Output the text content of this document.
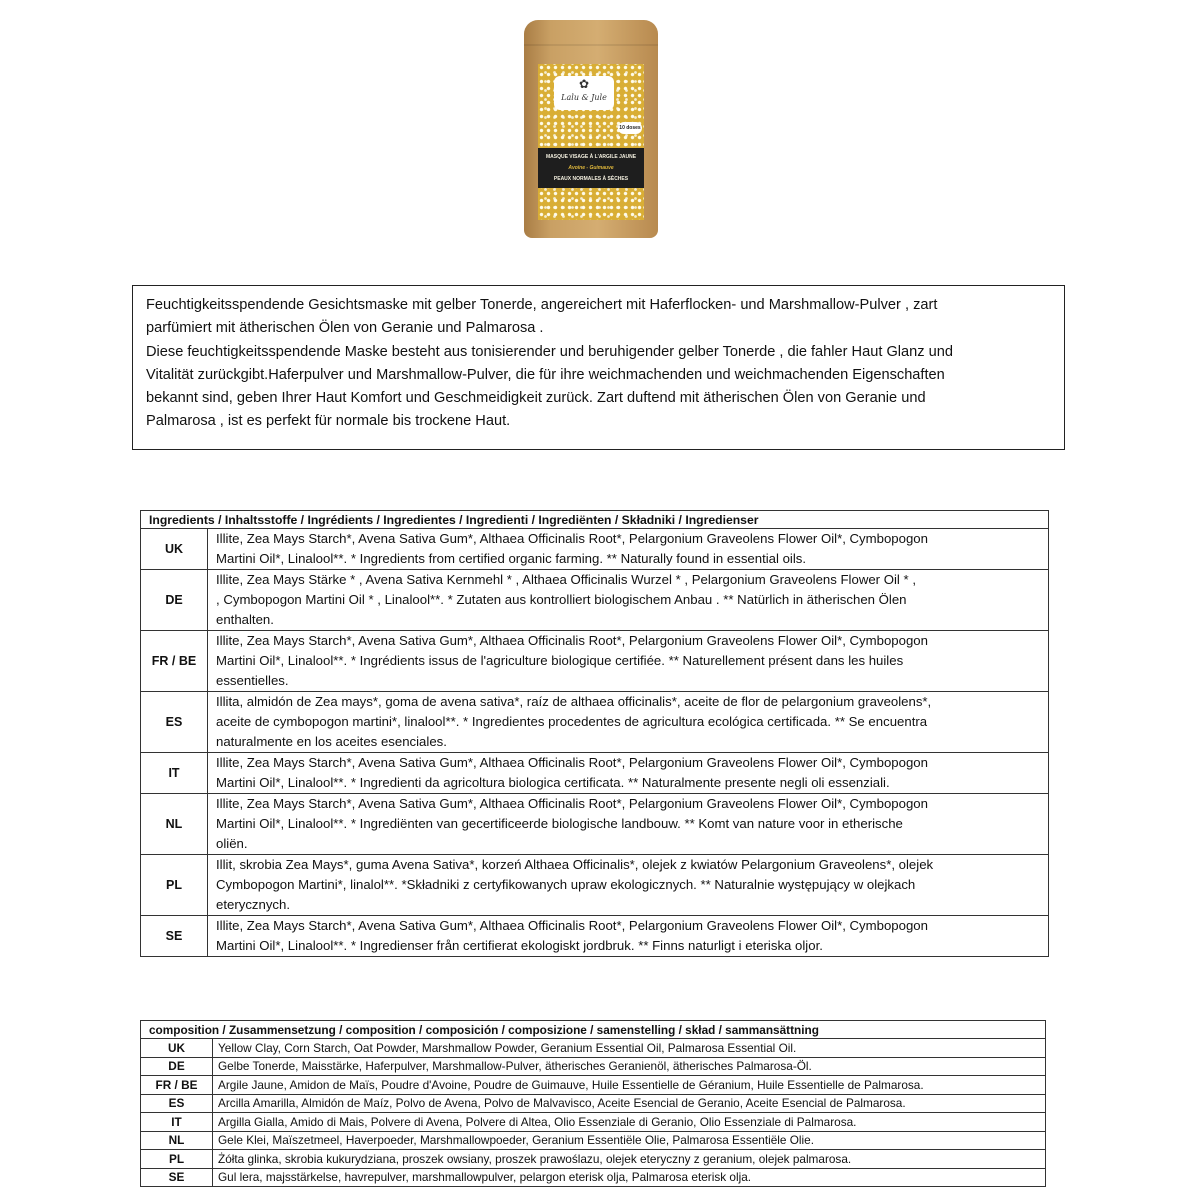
✿
Lalu & Jule
10 doses
MASQUE VISAGE À L'ARGILE JAUNE
Avoine - Guimauve
PEAUX NORMALES À SÈCHES
Feuchtigkeitsspendende Gesichtsmaske mit gelber Tonerde, angereichert mit Haferflocken- und Marshmallow-Pulver , zart
parfümiert mit ätherischen Ölen von Geranie und Palmarosa .
Diese feuchtigkeitsspendende Maske besteht aus tonisierender und beruhigender gelber Tonerde , die fahler Haut Glanz und
Vitalität zurückgibt.Haferpulver und Marshmallow-Pulver, die für ihre weichmachenden und weichmachenden Eigenschaften
bekannt sind, geben Ihrer Haut Komfort und Geschmeidigkeit zurück. Zart duftend mit ätherischen Ölen von Geranie und
Palmarosa , ist es perfekt für normale bis trockene Haut.
Ingredients / Inhaltsstoffe / Ingrédients / Ingredientes / Ingredienti / Ingrediënten / Składniki / Ingredienser	
UK	Illite, Zea Mays Starch*, Avena Sativa Gum*, Althaea Officinalis Root*, Pelargonium Graveolens Flower Oil*, Cymbopogon
Martini Oil*, Linalool**. * Ingredients from certified organic farming. ** Naturally found in essential oils.

DE	Illite, Zea Mays Stärke * , Avena Sativa Kernmehl * , Althaea Officinalis Wurzel * , Pelargonium Graveolens Flower Oil * ,
, Cymbopogon Martini Oil * , Linalool**. * Zutaten aus kontrolliert biologischem Anbau . ** Natürlich in ätherischen Ölen
enthalten.

FR / BE	Illite, Zea Mays Starch*, Avena Sativa Gum*, Althaea Officinalis Root*, Pelargonium Graveolens Flower Oil*, Cymbopogon
Martini Oil*, Linalool**. * Ingrédients issus de l'agriculture biologique certifiée. ** Naturellement présent dans les huiles
essentielles.

ES	Illita, almidón de Zea mays*, goma de avena sativa*, raíz de althaea officinalis*, aceite de flor de pelargonium graveolens*,
aceite de cymbopogon martini*, linalool**. * Ingredientes procedentes de agricultura ecológica certificada. ** Se encuentra
naturalmente en los aceites esenciales.

IT	Illite, Zea Mays Starch*, Avena Sativa Gum*, Althaea Officinalis Root*, Pelargonium Graveolens Flower Oil*, Cymbopogon
Martini Oil*, Linalool**. * Ingredienti da agricoltura biologica certificata. ** Naturalmente presente negli oli essenziali.

NL	Illite, Zea Mays Starch*, Avena Sativa Gum*, Althaea Officinalis Root*, Pelargonium Graveolens Flower Oil*, Cymbopogon
Martini Oil*, Linalool**. * Ingrediënten van gecertificeerde biologische landbouw. ** Komt van nature voor in etherische
oliën.

PL	Illit, skrobia Zea Mays*, guma Avena Sativa*, korzeń Althaea Officinalis*, olejek z kwiatów Pelargonium Graveolens*, olejek
Cymbopogon Martini*, linalol**. *Składniki z certyfikowanych upraw ekologicznych. ** Naturalnie występujący w olejkach
eterycznych.

SE	Illite, Zea Mays Starch*, Avena Sativa Gum*, Althaea Officinalis Root*, Pelargonium Graveolens Flower Oil*, Cymbopogon
Martini Oil*, Linalool**. * Ingredienser från certifierat ekologiskt jordbruk. ** Finns naturligt i eteriska oljor.
composition / Zusammensetzung / composition / composición / composizione / samenstelling / skład / sammansättning	
UK	Yellow Clay, Corn Starch, Oat Powder, Marshmallow Powder, Geranium Essential Oil, Palmarosa Essential Oil.
DE	Gelbe Tonerde, Maisstärke, Haferpulver, Marshmallow-Pulver, ätherisches Geranienöl, ätherisches Palmarosa-Öl.
FR / BE	Argile Jaune, Amidon de Maïs, Poudre d'Avoine, Poudre de Guimauve, Huile Essentielle de Géranium, Huile Essentielle de Palmarosa.
ES	Arcilla Amarilla, Almidón de Maíz, Polvo de Avena, Polvo de Malvavisco, Aceite Esencial de Geranio, Aceite Esencial de Palmarosa.
IT	Argilla Gialla, Amido di Mais, Polvere di Avena, Polvere di Altea, Olio Essenziale di Geranio, Olio Essenziale di Palmarosa.
NL	Gele Klei, Maïszetmeel, Haverpoeder, Marshmallowpoeder, Geranium Essentiële Olie, Palmarosa Essentiële Olie.
PL	Żółta glinka, skrobia kukurydziana, proszek owsiany, proszek prawoślazu, olejek eteryczny z geranium, olejek palmarosa.
SE	Gul lera, majsstärkelse, havrepulver, marshmallowpulver, pelargon eterisk olja, Palmarosa eterisk olja.
